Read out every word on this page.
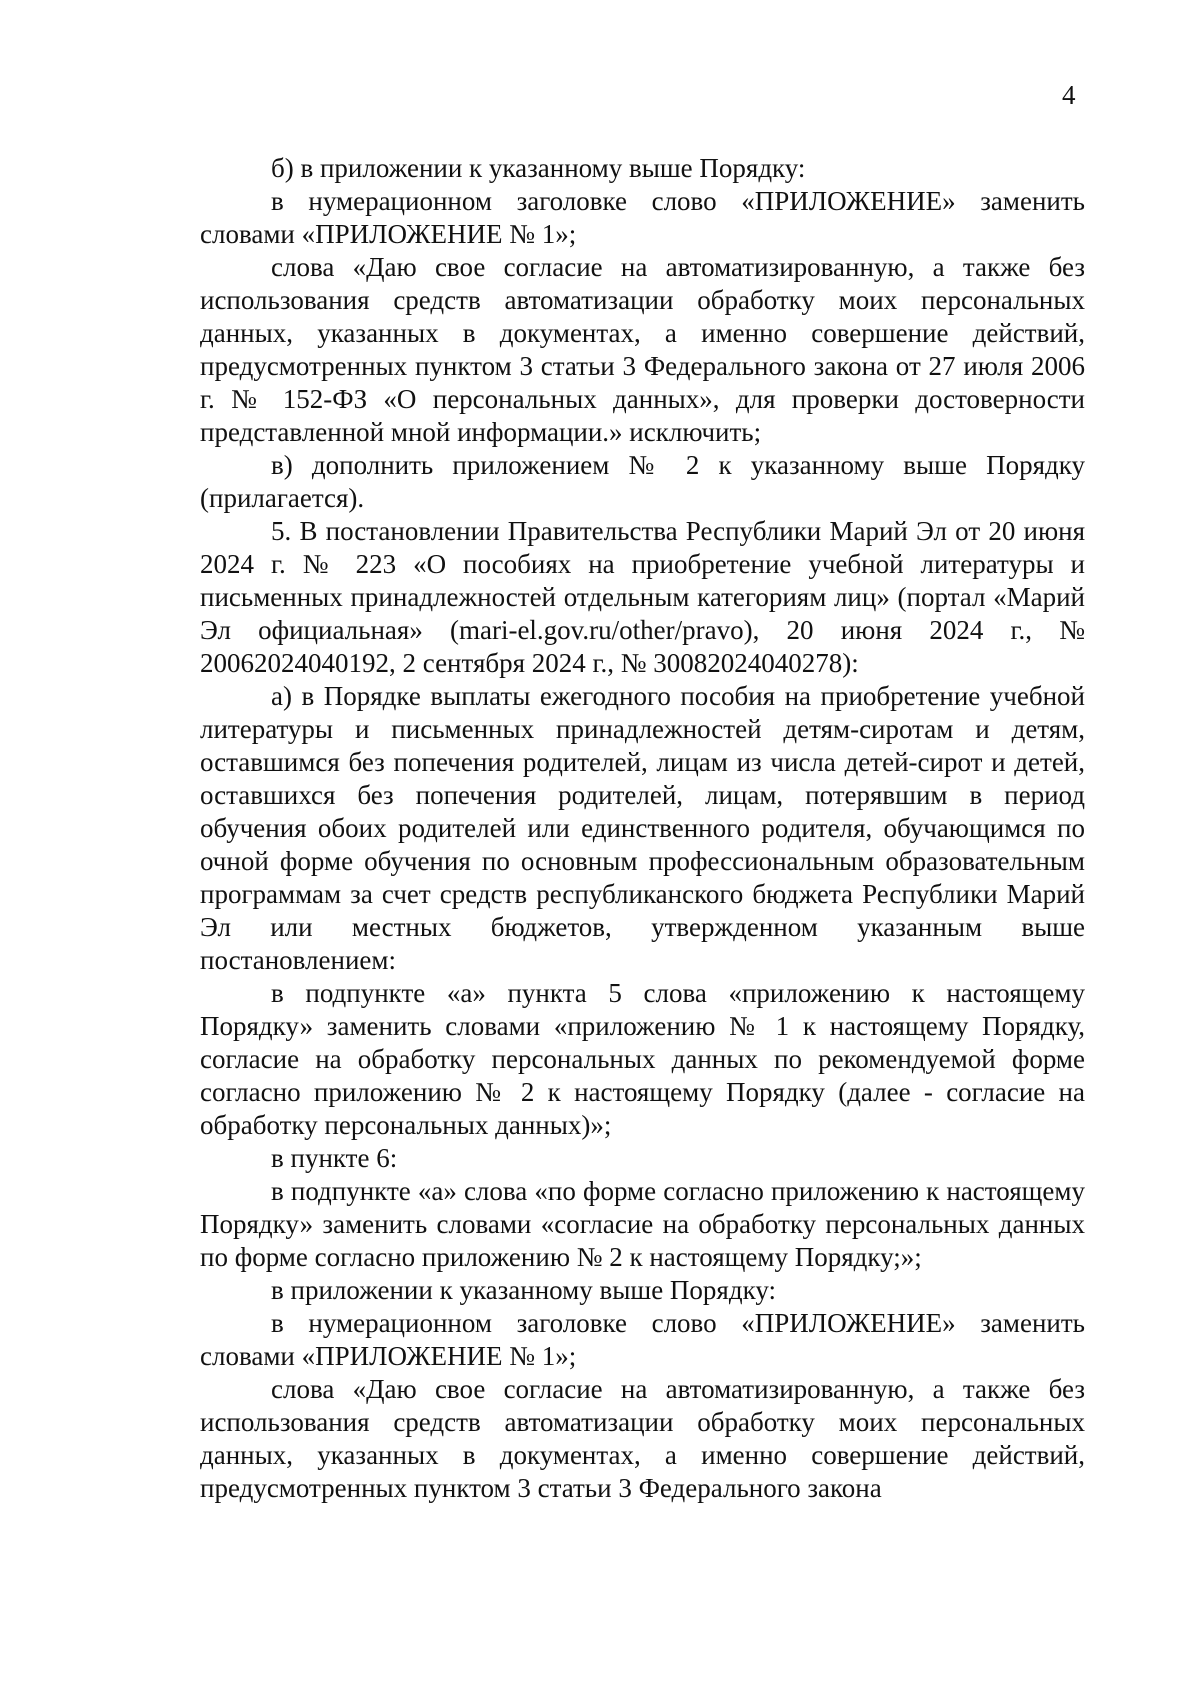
4

б) в приложении к указанному выше Порядку:

в нумерационном заголовке слово «ПРИЛОЖЕНИЕ» заменить словами «ПРИЛОЖЕНИЕ № 1»;

слова «Даю свое согласие на автоматизированную, а также без использования средств автоматизации обработку моих персональных данных, указанных в документах, а именно совершение действий, предусмотренных пунктом 3 статьи 3 Федерального закона от 27 июля 2006 г. № 152-ФЗ «О персональных данных», для проверки достоверности представленной мной информации.» исключить;

в) дополнить приложением № 2 к указанному выше Порядку (прилагается).

5. В постановлении Правительства Республики Марий Эл от 20 июня 2024 г. № 223 «О пособиях на приобретение учебной литературы и письменных принадлежностей отдельным категориям лиц» (портал «Марий Эл официальная» (mari-el.gov.ru/other/pravo), 20 июня 2024 г., № 20062024040192, 2 сентября 2024 г., № 30082024040278):

а) в Порядке выплаты ежегодного пособия на приобретение учебной литературы и письменных принадлежностей детям-сиротам и детям, оставшимся без попечения родителей, лицам из числа детей-сирот и детей, оставшихся без попечения родителей, лицам, потерявшим в период обучения обоих родителей или единственного родителя, обучающимся по очной форме обучения по основным профессиональным образовательным программам за счет средств республиканского бюджета Республики Марий Эл или местных бюджетов, утвержденном указанным выше постановлением:

в подпункте «а» пункта 5 слова «приложению к настоящему Порядку» заменить словами «приложению № 1 к настоящему Порядку, согласие на обработку персональных данных по рекомендуемой форме согласно приложению № 2 к настоящему Порядку (далее - согласие на обработку персональных данных)»;

в пункте 6:

в подпункте «а» слова «по форме согласно приложению к настоящему Порядку» заменить словами «согласие на обработку персональных данных по форме согласно приложению № 2 к настоящему Порядку;»;

в приложении к указанному выше Порядку:

в нумерационном заголовке слово «ПРИЛОЖЕНИЕ» заменить словами «ПРИЛОЖЕНИЕ № 1»;

слова «Даю свое согласие на автоматизированную, а также без использования средств автоматизации обработку моих персональных данных, указанных в документах, а именно совершение действий, предусмотренных пунктом 3 статьи 3 Федерального закона
